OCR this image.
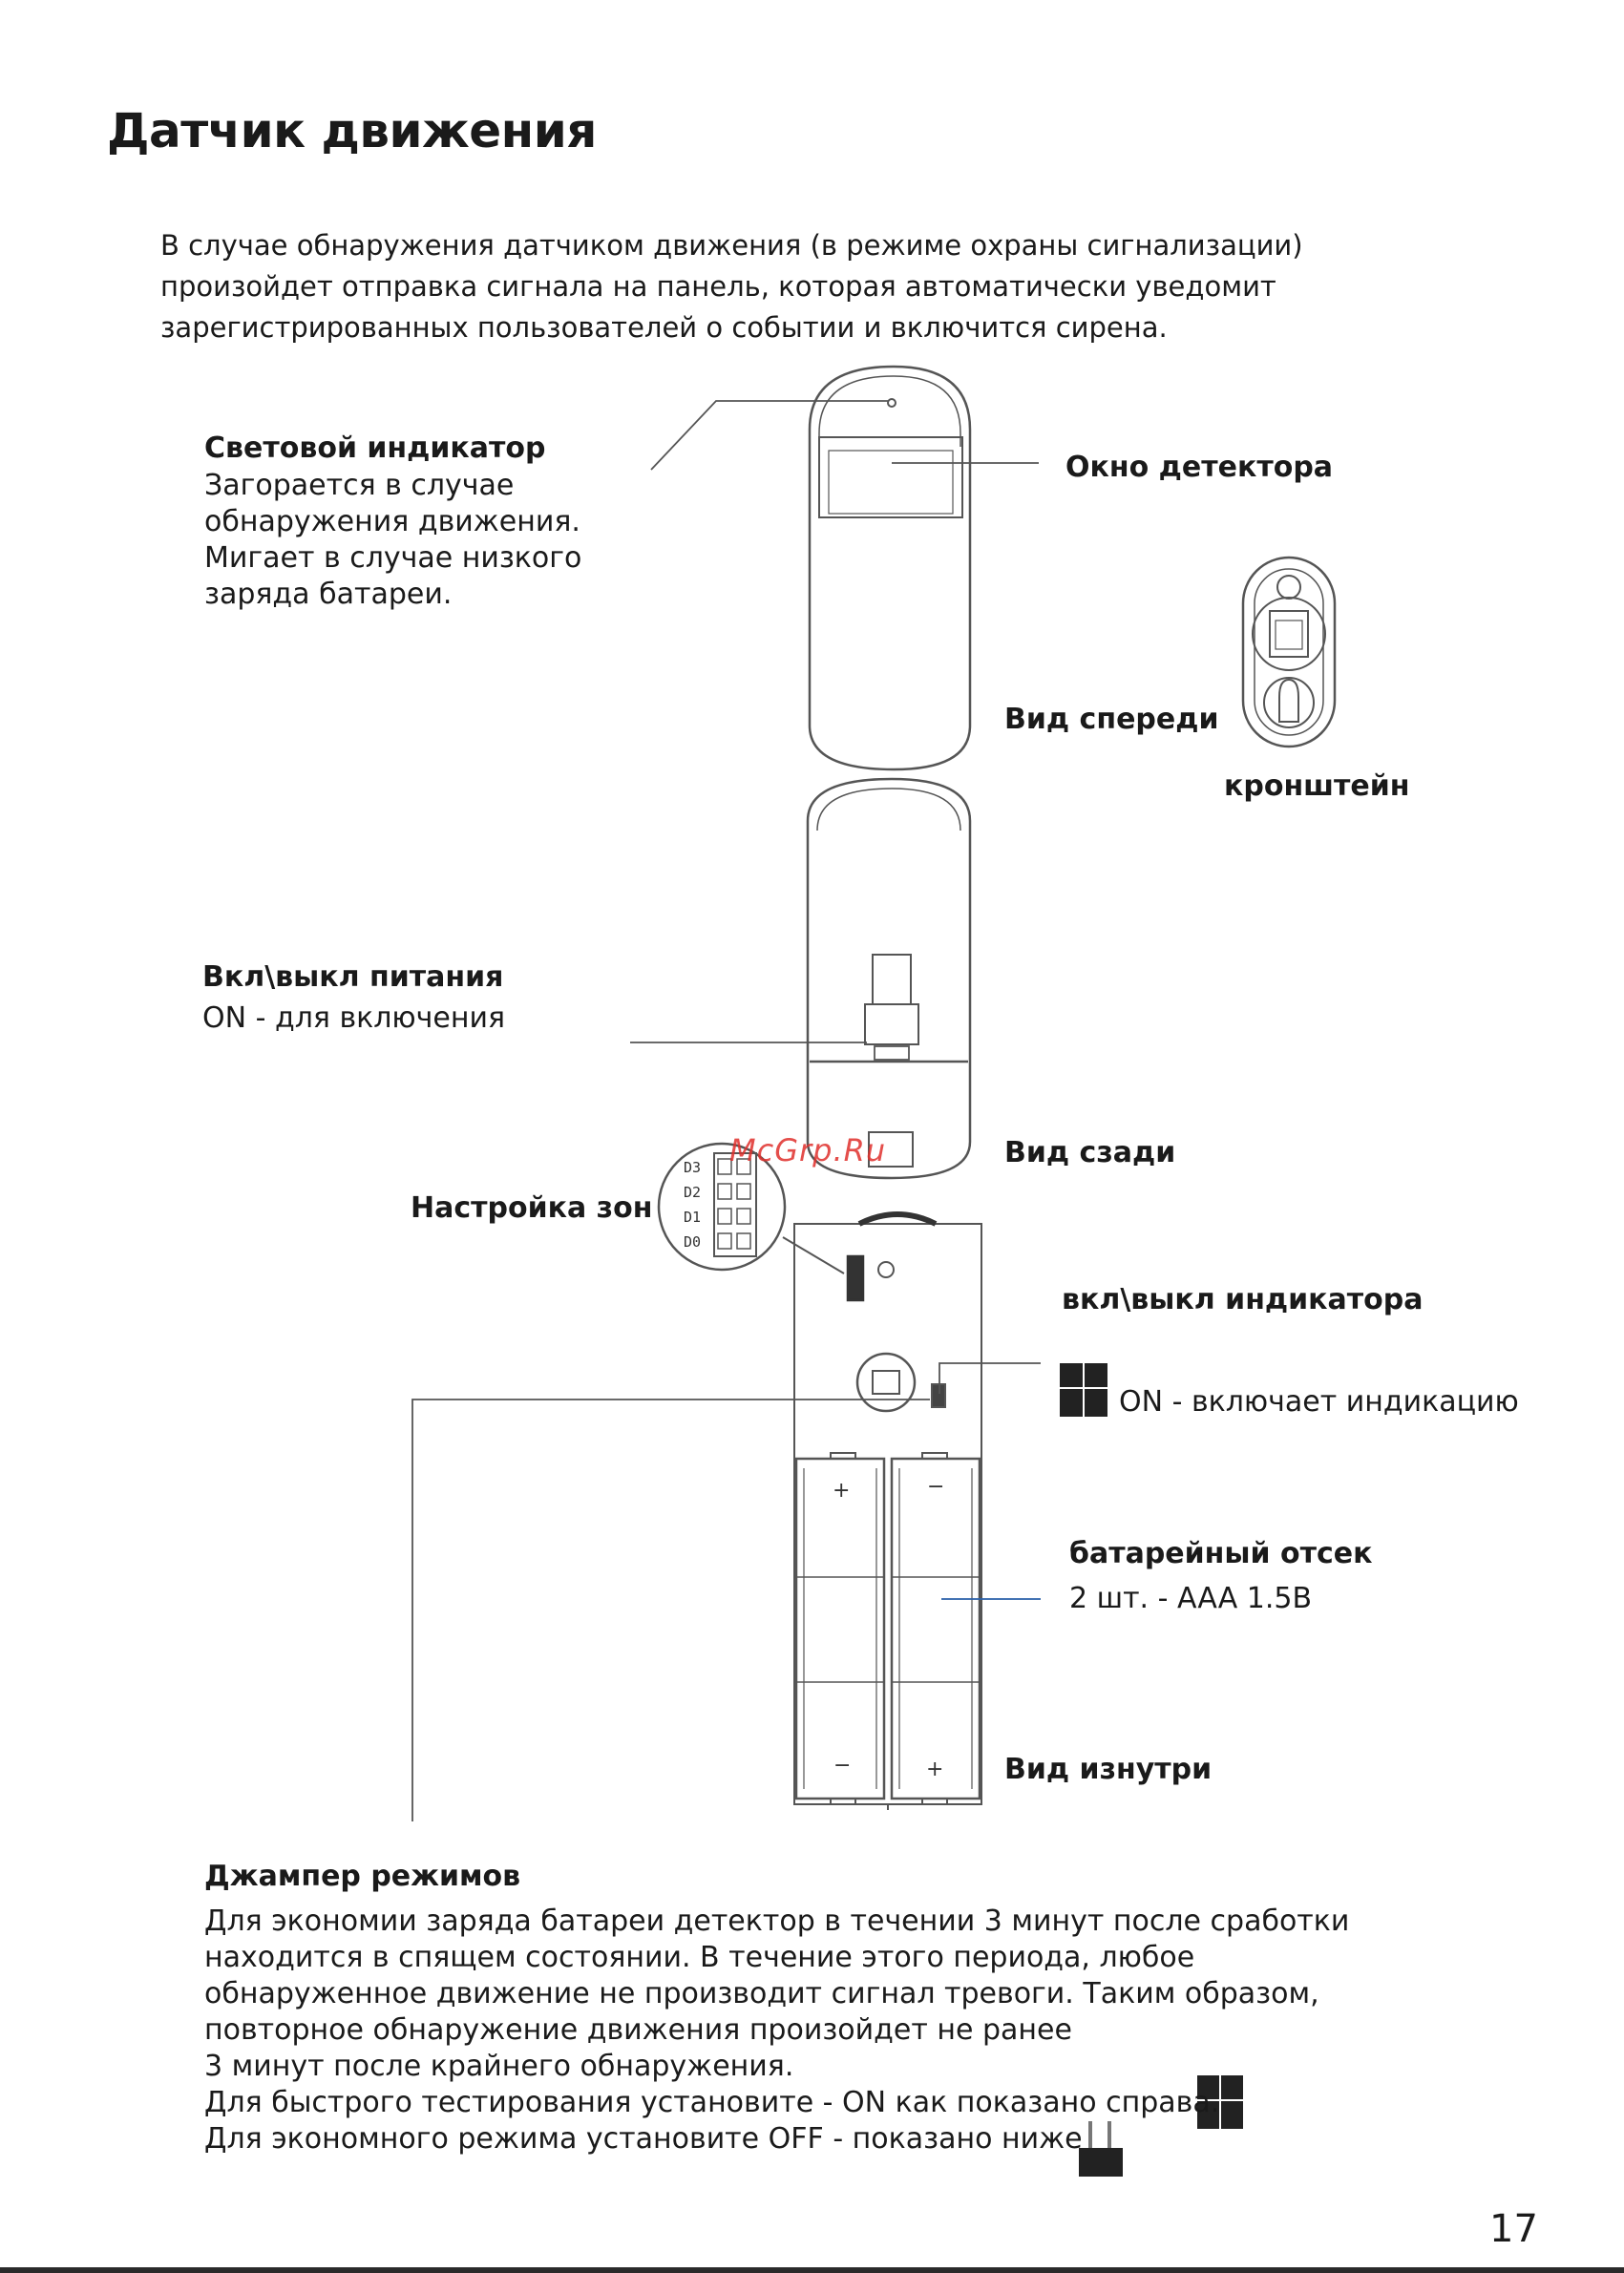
Датчик движения
В случае обнаружения датчиком движения (в режиме охраны сигнализации)
произойдет отправка сигнала на панель, которая автоматически уведомит
зарегистрированных пользователей о событии и включится сирена.
D3
D2
D1
D0
+	−
−	+
Световой индикатор
Загорается в случае
обнаружения движения.
Мигает в случае низкого
заряда батареи.
Окно детектора
Вид спереди
кронштейн
Вкл\выкл питания
ON - для включения
Вид сзади
McGrp.Ru
Настройка зон
вкл\выкл индикатора
ON - включает индикацию
батарейный отсек
2 шт. - AAA 1.5B
Вид изнутри
Джампер режимов
Для экономии заряда батареи детектор в течении 3 минут после сработки
находится в спящем состоянии. В течение этого периода, любое
обнаруженное движение не производит сигнал тревоги. Таким образом,
повторное обнаружение движения произойдет не ранее
3 минут после крайнего обнаружения.
Для быстрого тестирования установите - ON как показано справа.
Для экономного режима установите OFF - показано ниже
17
